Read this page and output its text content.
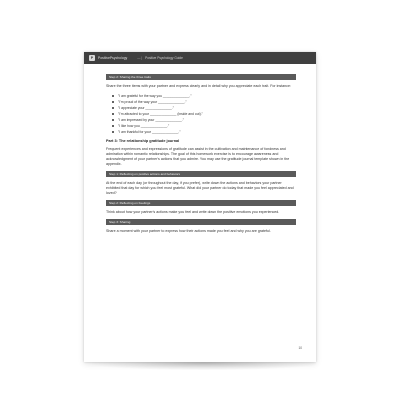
P	PositivePsychology	— | Positive Psychology Guide
Step 2: Sharing the three traits

Share the three items with your partner and express clearly and in detail why you appreciate each trait. For instance:

"I am grateful for the way you ______________."
"I'm proud of the way your ______________."
"I appreciate your ______________."
"I'm attracted to your ______________ (inside and out)."
"I am impressed by your ______________."
"I like how you ______________."
"I am thankful for your ______________."
Part 3: The relationship gratitude journal

Frequent experiences and expressions of gratitude can assist in the cultivation and maintenance of fondness and admiration within romantic relationships. The goal of this homework exercise is to encourage awareness and acknowledgment of your partner's actions that you admire. You may use the gratitude journal template shown in the appendix.

Step 1: Reflecting on positive actions and behaviors

At the end of each day (or throughout the day, if you prefer), write down the actions and behaviors your partner exhibited that day for which you feel most grateful. What did your partner do today that made you feel appreciated and loved?

Step 2: Reflecting on Feelings

Think about how your partner's actions make you feel and write down the positive emotions you experienced.

Step 3: Sharing

Share a moment with your partner to express how their actions made you feel and why you are grateful.

10
